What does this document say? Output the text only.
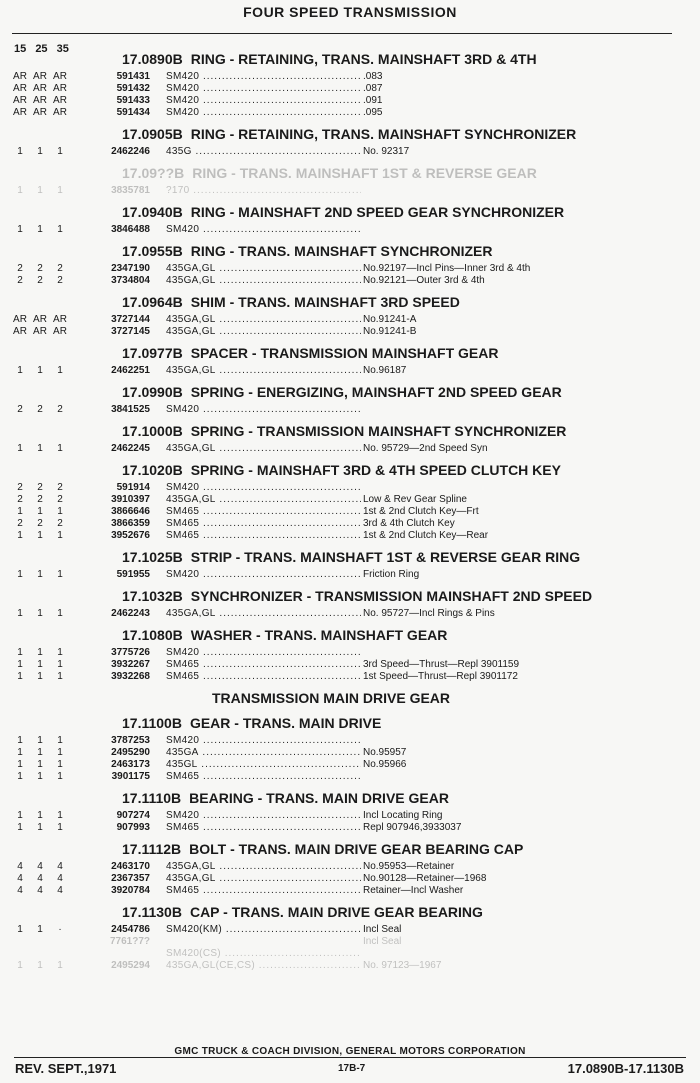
FOUR SPEED TRANSMISSION
15 25 35
17.0890B RING - RETAINING, TRANS. MAINSHAFT 3RD & 4TH
AR AR AR	591431 SM420 .....	.083
AR AR AR	591432 SM420 .....	.087
AR AR AR	591433 SM420 .....	.091
AR AR AR	591434 SM420 .....	.095
17.0905B RING - RETAINING, TRANS. MAINSHAFT SYNCHRONIZER
1	1	1	2462246 435G .....	No. 92317
17.09??B RING - TRANS. MAINSHAFT 1ST & REVERSE GEAR
1	1	1	3835781 ?170 .....
17.0940B RING - MAINSHAFT 2ND SPEED GEAR SYNCHRONIZER
1	1	1	3846488 SM420 .....
17.0955B RING - TRANS. MAINSHAFT SYNCHRONIZER
2	2	2	2347190 435GA,GL .....	No.92197—Incl Pins—Inner 3rd & 4th
2	2	2	3734804 435GA,GL .....	No.92121—Outer 3rd & 4th
17.0964B SHIM - TRANS. MAINSHAFT 3RD SPEED
AR AR AR	3727144 435GA,GL .....	No.91241-A
AR AR AR	3727145 435GA,GL .....	No.91241-B
17.0977B SPACER - TRANSMISSION MAINSHAFT GEAR
1	1	1	2462251 435GA,GL .....	No.96187
17.0990B SPRING - ENERGIZING, MAINSHAFT 2ND SPEED GEAR
2	2	2	3841525 SM420 .....
17.1000B SPRING - TRANSMISSION MAINSHAFT SYNCHRONIZER
1	1	1	2462245 435GA,GL .....	No. 95729—2nd Speed Syn
17.1020B SPRING - MAINSHAFT 3RD & 4TH SPEED CLUTCH KEY
2	2	2	591914 SM420 .....
2	2	2	3910397 435GA,GL .....	Low & Rev Gear Spline
1	1	1	3866646 SM465 .....	1st & 2nd Clutch Key—Frt
2	2	2	3866359 SM465 .....	3rd & 4th Clutch Key
1	1	1	3952676 SM465 .....	1st & 2nd Clutch Key—Rear
17.1025B STRIP - TRANS. MAINSHAFT 1ST & REVERSE GEAR RING
1	1	1	591955 SM420 .....	Friction Ring
17.1032B SYNCHRONIZER - TRANSMISSION MAINSHAFT 2ND SPEED
1	1	1	2462243 435GA,GL .....	No. 95727—Incl Rings & Pins
17.1080B WASHER - TRANS. MAINSHAFT GEAR
1	1	1	3775726 SM420 .....
1	1	1	3932267 SM465 .....	3rd Speed—Thrust—Repl 3901159
1	1	1	3932268 SM465 .....	1st Speed—Thrust—Repl 3901172
TRANSMISSION MAIN DRIVE GEAR
17.1100B GEAR - TRANS. MAIN DRIVE
1	1	1	3787253 SM420 .....
1	1	1	2495290 435GA .....	No.95957
1	1	1	2463173 435GL .....	No.95966
1	1	1	3901175 SM465 .....
17.1110B BEARING - TRANS. MAIN DRIVE GEAR
1	1	1	907274 SM420 .....	Incl Locating Ring
1	1	1	907993 SM465 .....	Repl 907946,3933037
17.1112B BOLT - TRANS. MAIN DRIVE GEAR BEARING CAP
4	4	4	2463170 435GA,GL .....	No.95953—Retainer
4	4	4	2367357 435GA,GL .....	No.90128—Retainer—1968
4	4	4	3920784 SM465 .....	Retainer—Incl Washer
17.1130B CAP - TRANS. MAIN DRIVE GEAR BEARING
1	1	·	2454786 SM420(KM) .....	Incl Seal
7761?7?	Incl Seal
SM420(CS) .....
1	1	1	2495294 435GA,GL(CE,CS) .....	No. 97123—1967
GMC TRUCK & COACH DIVISION, GENERAL MOTORS CORPORATION
REV. SEPT.,1971	17B-7	17.0890B-17.1130B
